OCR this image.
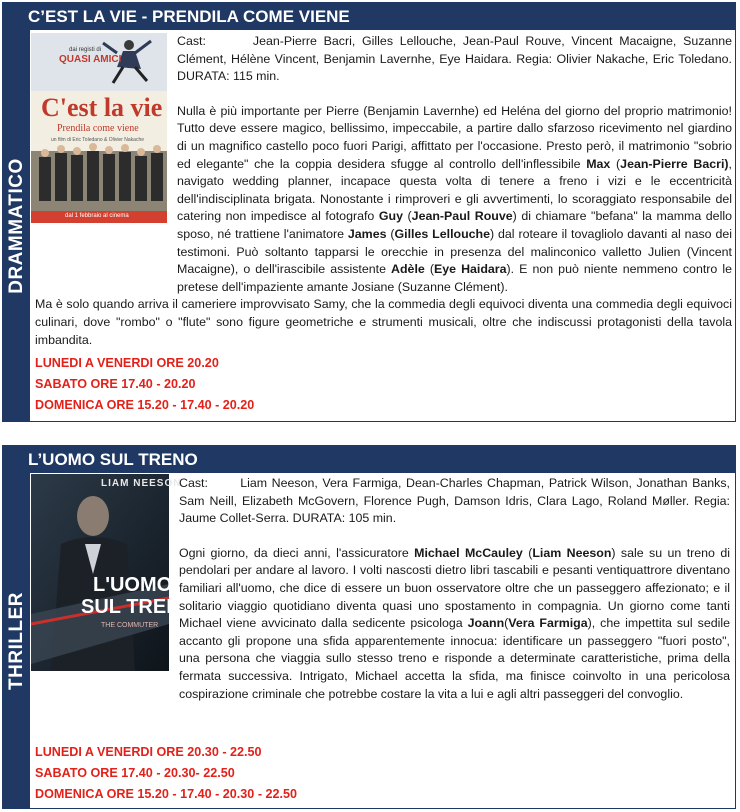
C’EST LA VIE - PRENDILA COME VIENE
DRAMMATICO
dai registi di
QUASI AMICI
C'est la vie
Prendila come viene
un film di Eric Toledano & Olivier Nakache
dal 1 febbraio al cinema

Cast:	Jean-Pierre Bacri, Gilles Lellouche, Jean-Paul Rouve, Vincent Macaigne, Suzanne Clément, Hélène Vincent, Benjamin Lavernhe, Eye Haidara. Regia: Olivier Nakache, Eric Toledano. DURATA: 115 min.

Nulla è più importante per Pierre (Benjamin Lavernhe) ed Heléna del giorno del proprio matrimonio! Tutto deve essere magico, bellissimo, impeccabile, a partire dallo sfarzoso ricevimento nel giardino di un magnifico castello poco fuori Parigi, affittato per l'occasione. Presto però, il matrimonio "sobrio ed elegante" che la coppia desidera sfugge al controllo dell'inflessibile Max (Jean-Pierre Bacri), navigato wedding planner, incapace questa volta di tenere a freno i vizi e le eccentricità dell'indisciplinata brigata. Nonostante i rimproveri e gli avvertimenti, lo scoraggiato responsabile del catering non impedisce al fotografo Guy (Jean-Paul Rouve) di chiamare "befana" la mamma dello sposo, né trattiene l'animatore James (Gilles Lellouche) dal roteare il tovagliolo davanti al naso dei testimoni. Può soltanto tapparsi le orecchie in presenza del malinconico valletto Julien (Vincent Macaigne), o dell'irascibile assistente Adèle (Eye Haidara). E non può niente nemmeno contro le pretese dell'impaziente amante Josiane (Suzanne Clément).

Ma è solo quando arriva il cameriere improvvisato Samy, che la commedia degli equivoci diventa una commedia degli equivoci culinari, dove "rombo" o "flute" sono figure geometriche e strumenti musicali, oltre che indiscussi protagonisti della tavola imbandita.

LUNEDI A VENERDI ORE 20.20
SABATO ORE 17.40 - 20.20
DOMENICA ORE 15.20 - 17.40 - 20.20
L’UOMO SUL TRENO
THRILLER
LIAM NEESON
L'UOMO
SUL TRENO
THE COMMUTER

Cast:	Liam Neeson, Vera Farmiga, Dean-Charles Chapman, Patrick Wilson, Jonathan Banks, Sam Neill, Elizabeth McGovern, Florence Pugh, Damson Idris, Clara Lago, Roland Møller. Regia: Jaume Collet-Serra. DURATA: 105 min.

Ogni giorno, da dieci anni, l'assicuratore Michael McCauley (Liam Neeson) sale su un treno di pendolari per andare al lavoro. I volti nascosti dietro libri tascabili e pesanti ventiquattrore diventano familiari all'uomo, che dice di essere un buon osservatore oltre che un passeggero affezionato; e il solitario viaggio quotidiano diventa quasi uno spostamento in compagnia. Un giorno come tanti Michael viene avvicinato dalla sedicente psicologa Joann(Vera Farmiga), che impettita sul sedile accanto gli propone una sfida apparentemente innocua: identificare un passeggero "fuori posto", una persona che viaggia sullo stesso treno e risponde a determinate caratteristiche, prima della fermata successiva. Intrigato, Michael accetta la sfida, ma finisce coinvolto in una pericolosa cospirazione criminale che potrebbe costare la vita a lui e agli altri passeggeri del convoglio.

LUNEDI A VENERDI ORE 20.30 - 22.50
SABATO ORE 17.40 - 20.30- 22.50
DOMENICA ORE 15.20 - 17.40 - 20.30 - 22.50
